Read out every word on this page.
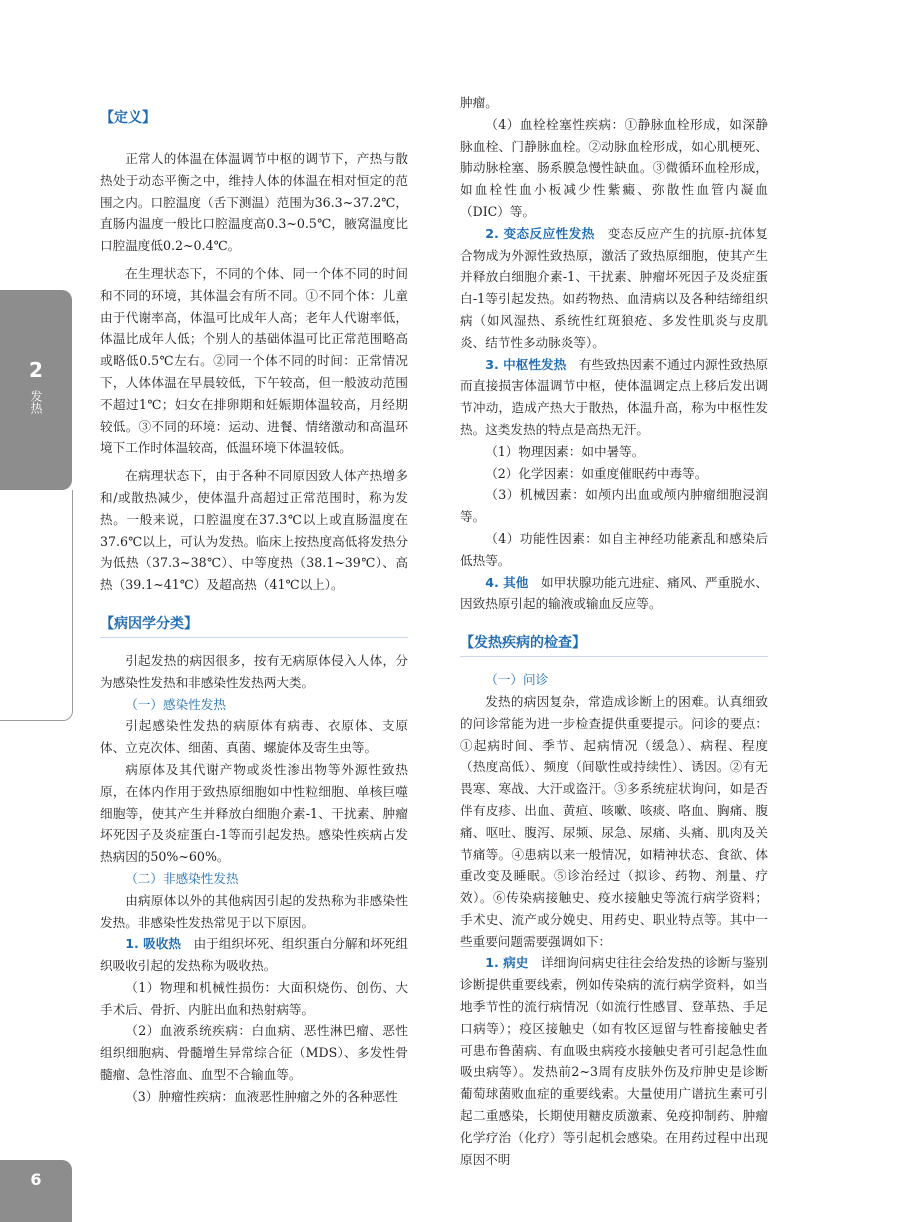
2
发热
6
【定义】

正常人的体温在体温调节中枢的调节下，产热与散热处于动态平衡之中，维持人体的体温在相对恒定的范围之内。口腔温度（舌下测温）范围为36.3~37.2℃，直肠内温度一般比口腔温度高0.3~0.5℃，腋窝温度比口腔温度低0.2~0.4℃。

在生理状态下，不同的个体、同一个体不同的时间和不同的环境，其体温会有所不同。①不同个体：儿童由于代谢率高，体温可比成年人高；老年人代谢率低，体温比成年人低；个别人的基础体温可比正常范围略高或略低0.5℃左右。②同一个体不同的时间：正常情况下，人体体温在早晨较低，下午较高，但一般波动范围不超过1℃；妇女在排卵期和妊娠期体温较高，月经期较低。③不同的环境：运动、进餐、情绪激动和高温环境下工作时体温较高，低温环境下体温较低。

在病理状态下，由于各种不同原因致人体产热增多和/或散热减少，使体温升高超过正常范围时，称为发热。一般来说，口腔温度在37.3℃以上或直肠温度在37.6℃以上，可认为发热。临床上按热度高低将发热分为低热（37.3~38℃）、中等度热（38.1~39℃）、高热（39.1~41℃）及超高热（41℃以上）。

【病因学分类】

引起发热的病因很多，按有无病原体侵入人体，分为感染性发热和非感染性发热两大类。

（一）感染性发热

引起感染性发热的病原体有病毒、衣原体、支原体、立克次体、细菌、真菌、螺旋体及寄生虫等。

病原体及其代谢产物或炎性渗出物等外源性致热原，在体内作用于致热原细胞如中性粒细胞、单核巨噬细胞等，使其产生并释放白细胞介素-1、干扰素、肿瘤坏死因子及炎症蛋白-1等而引起发热。感染性疾病占发热病因的50%~60%。

（二）非感染性发热

由病原体以外的其他病因引起的发热称为非感染性发热。非感染性发热常见于以下原因。

1. 吸收热　 由于组织坏死、组织蛋白分解和坏死组织吸收引起的发热称为吸收热。

（1）物理和机械性损伤：大面积烧伤、创伤、大手术后、骨折、内脏出血和热射病等。

（2）血液系统疾病：白血病、恶性淋巴瘤、恶性组织细胞病、骨髓增生异常综合征（MDS）、多发性骨髓瘤、急性溶血、血型不合输血等。

（3）肿瘤性疾病：血液恶性肿瘤之外的各种恶性

肿瘤。

（4）血栓栓塞性疾病：①静脉血栓形成，如深静脉血栓、门静脉血栓。②动脉血栓形成，如心肌梗死、肺动脉栓塞、肠系膜急慢性缺血。③微循环血栓形成，如血栓性血小板减少性紫癜、弥散性血管内凝血（DIC）等。

2. 变态反应性发热　 变态反应产生的抗原-抗体复合物成为外源性致热原，激活了致热原细胞，使其产生并释放白细胞介素-1、干扰素、肿瘤坏死因子及炎症蛋白-1等引起发热。如药物热、血清病以及各种结缔组织病（如风湿热、系统性红斑狼疮、多发性肌炎与皮肌炎、结节性多动脉炎等）。

3. 中枢性发热　 有些致热因素不通过内源性致热原而直接损害体温调节中枢，使体温调定点上移后发出调节冲动，造成产热大于散热，体温升高，称为中枢性发热。这类发热的特点是高热无汗。

（1）物理因素：如中暑等。

（2）化学因素：如重度催眠药中毒等。

（3）机械因素：如颅内出血或颅内肿瘤细胞浸润等。

（4）功能性因素：如自主神经功能紊乱和感染后低热等。

4. 其他　 如甲状腺功能亢进症、痛风、严重脱水、因致热原引起的输液或输血反应等。

【发热疾病的检查】

（一）问诊

发热的病因复杂，常造成诊断上的困难。认真细致的问诊常能为进一步检查提供重要提示。问诊的要点：①起病时间、季节、起病情况（缓急）、病程、程度（热度高低）、频度（间歇性或持续性）、诱因。②有无畏寒、寒战、大汗或盗汗。③多系统症状询问，如是否伴有皮疹、出血、黄疸、咳嗽、咳痰、咯血、胸痛、腹痛、呕吐、腹泻、尿频、尿急、尿痛、头痛、肌肉及关节痛等。④患病以来一般情况，如精神状态、食欲、体重改变及睡眠。⑤诊治经过（拟诊、药物、剂量、疗效）。⑥传染病接触史、疫水接触史等流行病学资料；手术史、流产或分娩史、用药史、职业特点等。其中一些重要问题需要强调如下：

1. 病史　 详细询问病史往往会给发热的诊断与鉴别诊断提供重要线索，例如传染病的流行病学资料，如当地季节性的流行病情况（如流行性感冒、登革热、手足口病等）；疫区接触史（如有牧区逗留与牲畜接触史者可患布鲁菌病、有血吸虫病疫水接触史者可引起急性血吸虫病等）。发热前2~3周有皮肤外伤及疖肿史是诊断葡萄球菌败血症的重要线索。大量使用广谱抗生素可引起二重感染，长期使用糖皮质激素、免疫抑制药、肿瘤化学疗治（化疗）等引起机会感染。在用药过程中出现原因不明
